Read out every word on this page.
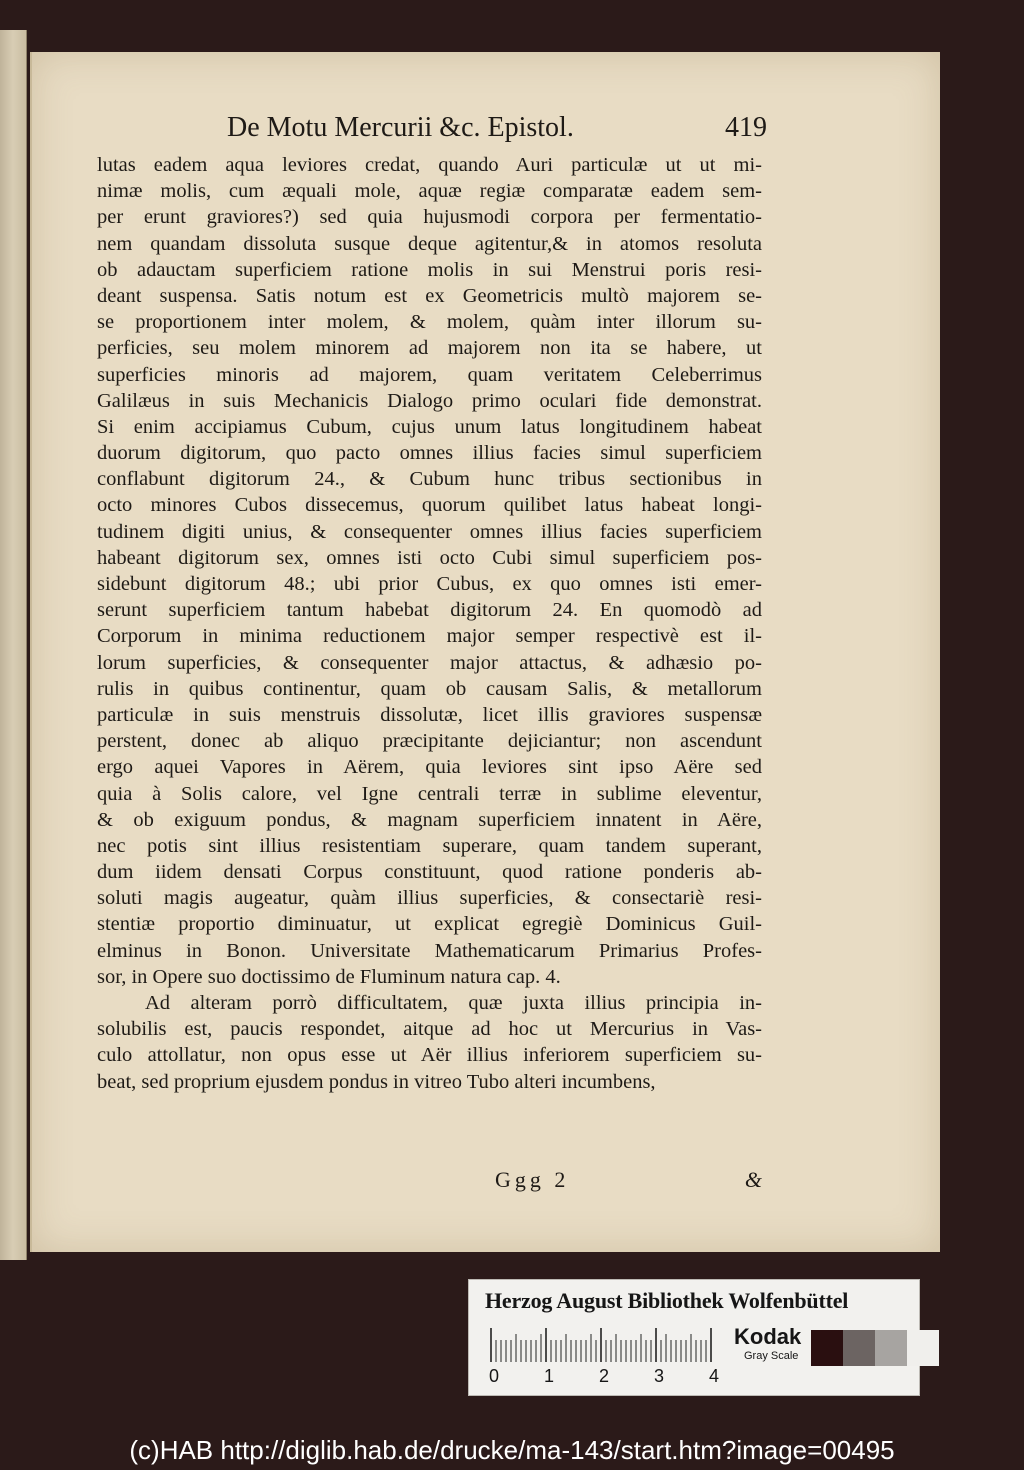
De Motu Mercurii &c. Epistol.	419
lutas eadem aqua leviores credat, quando Auri particulæ ut ut mi-
nimæ molis, cum æquali mole, aquæ regiæ comparatæ eadem sem-
per erunt graviores?) sed quia hujusmodi corpora per fermentatio-
nem quandam dissoluta susque deque agitentur,& in atomos resoluta
ob adauctam superficiem ratione molis in sui Menstrui poris resi-
deant suspensa. Satis notum est ex Geometricis multò majorem se-
se proportionem inter molem, & molem, quàm inter illorum su-
perficies, seu molem minorem ad majorem non ita se habere, ut
superficies minoris ad majorem, quam veritatem Celeberrimus
Galilæus in suis Mechanicis Dialogo primo oculari fide demonstrat.
Si enim accipiamus Cubum, cujus unum latus longitudinem habeat
duorum digitorum, quo pacto omnes illius facies simul superficiem
conflabunt digitorum 24., & Cubum hunc tribus sectionibus in
octo minores Cubos dissecemus, quorum quilibet latus habeat longi-
tudinem digiti unius, & consequenter omnes illius facies superficiem
habeant digitorum sex, omnes isti octo Cubi simul superficiem pos-
sidebunt digitorum 48.; ubi prior Cubus, ex quo omnes isti emer-
serunt superficiem tantum habebat digitorum 24. En quomodò ad
Corporum in minima reductionem major semper respectivè est il-
lorum superficies, & consequenter major attactus, & adhæsio po-
rulis in quibus continentur, quam ob causam Salis, & metallorum
particulæ in suis menstruis dissolutæ, licet illis graviores suspensæ
perstent, donec ab aliquo præcipitante dejiciantur; non ascendunt
ergo aquei Vapores in Aërem, quia leviores sint ipso Aëre sed
quia à Solis calore, vel Igne centrali terræ in sublime eleventur,
& ob exiguum pondus, & magnam superficiem innatent in Aëre,
nec potis sint illius resistentiam superare, quam tandem superant,
dum iidem densati Corpus constituunt, quod ratione ponderis ab-
soluti magis augeatur, quàm illius superficies, & consectariè resi-
stentiæ proportio diminuatur, ut explicat egregiè Dominicus Guil-
elminus in Bonon. Universitate Mathematicarum Primarius Profes-
sor, in Opere suo doctissimo de Fluminum natura cap. 4.
Ad alteram porrò difficultatem, quæ juxta illius principia in-
solubilis est, paucis respondet, aitque ad hoc ut Mercurius in Vas-
culo attollatur, non opus esse ut Aër illius inferiorem superficiem su-
beat, sed proprium ejusdem pondus in vitreo Tubo alteri incumbens,
Ggg 2	&
Herzog August Bibliothek Wolfenbüttel
0 1 2 3 4
Kodak
Gray Scale
(c)HAB http://diglib.hab.de/drucke/ma-143/start.htm?image=00495
